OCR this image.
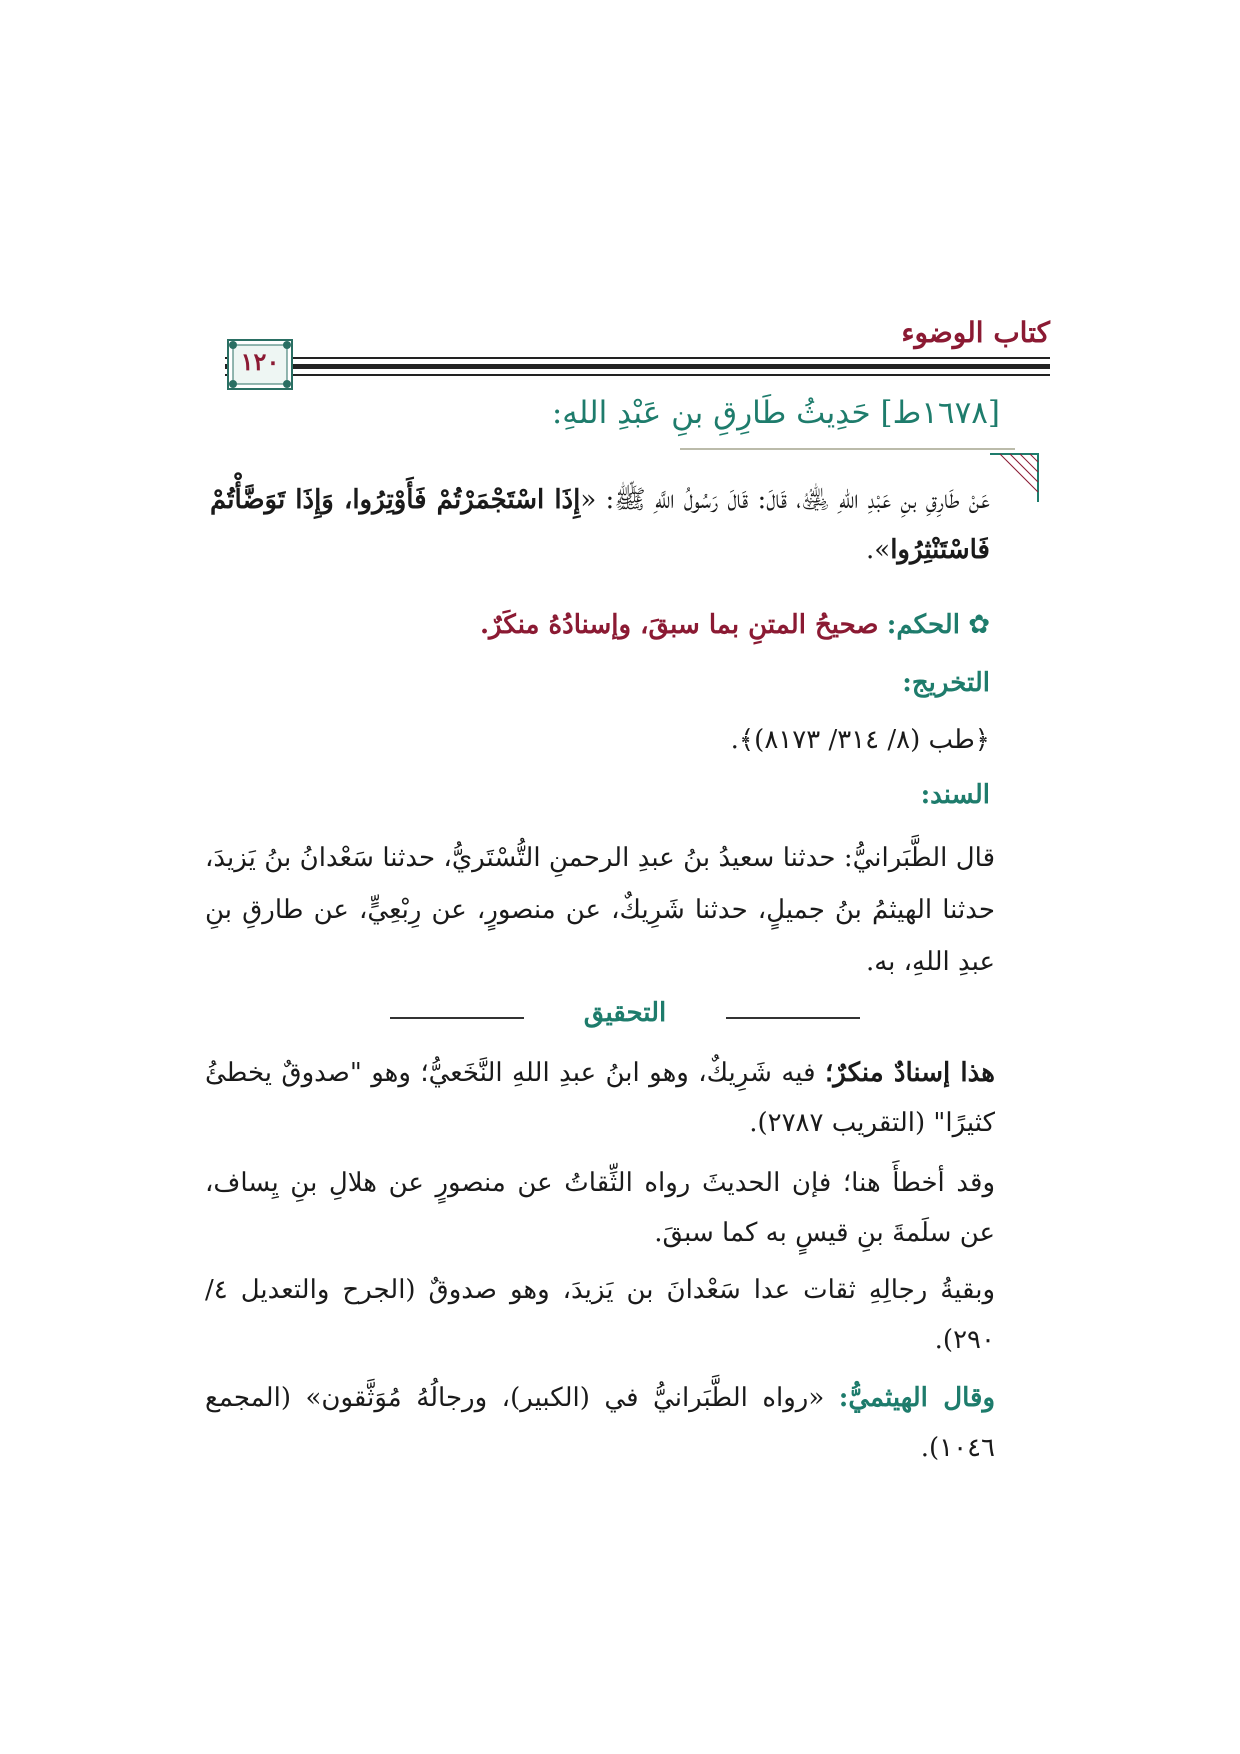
كتاب الوضوء
١٢٠
[١٦٧٨ط] حَدِيثُ طَارِقِ بنِ عَبْدِ اللهِ:
عَنْ طَارِقِ بنِ عَبْدِ اللهِ ﵁، قَالَ: قَالَ رَسُولُ اللَّهِ ﷺ: «إِذَا اسْتَجْمَرْتُمْ فَأَوْتِرُوا، وَإِذَا تَوَضَّأْتُمْ فَاسْتَنْثِرُوا».
✿ الحكم: صحيحُ المتنِ بما سبقَ، وإسنادُهُ منكَرٌ.
التخريج:
﴿طب (٨/ ٣١٤/ ٨١٧٣)﴾.
السند:
قال الطَّبَرانيُّ: حدثنا سعيدُ بنُ عبدِ الرحمنِ التُّسْتَريُّ، حدثنا سَعْدانُ بنُ يَزيدَ، حدثنا الهيثمُ بنُ جميلٍ، حدثنا شَرِيكٌ، عن منصورٍ، عن رِبْعِيٍّ، عن طارقِ بنِ عبدِ اللهِ، به.
التحقيق
هذا إسنادٌ منكرٌ؛ فيه شَرِيكٌ، وهو ابنُ عبدِ اللهِ النَّخَعيُّ؛ وهو "صدوقٌ يخطئُ كثيرًا" (التقريب ٢٧٨٧).
وقد أخطأَ هنا؛ فإن الحديثَ رواه الثِّقاتُ عن منصورٍ عن هلالِ بنِ يِساف، عن سلَمةَ بنِ قيسٍ به كما سبقَ.
وبقيةُ رجالِهِ ثقات عدا سَعْدانَ بن يَزيدَ، وهو صدوقٌ (الجرح والتعديل ٤/ ٢٩٠).
وقال الهيثميُّ: «رواه الطَّبَرانيُّ في (الكبير)، ورجالُهُ مُوَثَّقون» (المجمع ١٠٤٦).
